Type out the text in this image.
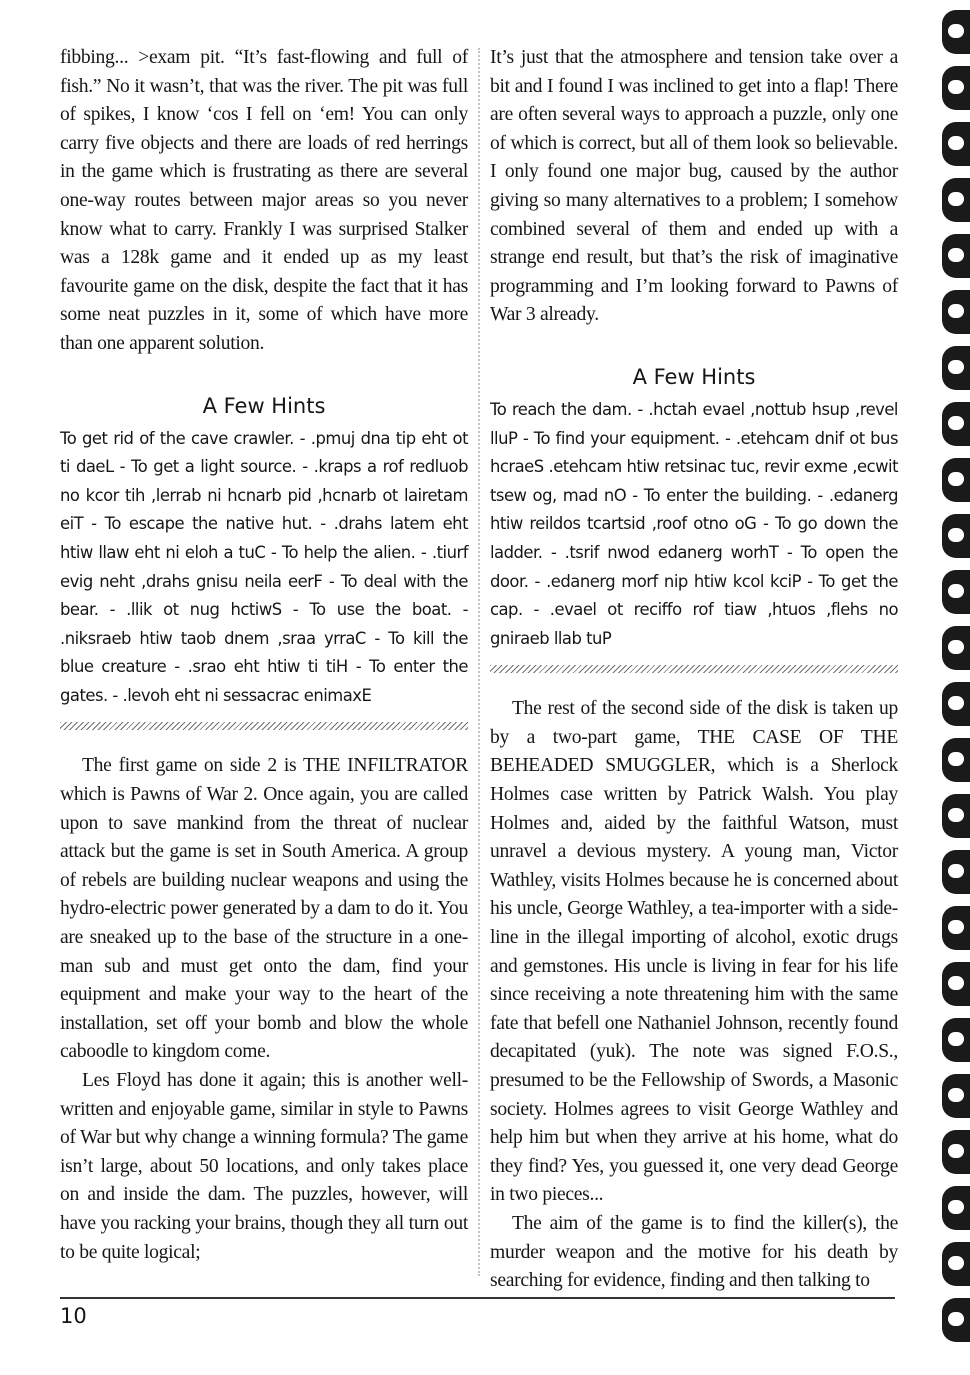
fibbing... >exam pit. “It’s fast-flowing and full of fish.” No it wasn’t, that was the river. The pit was full of spikes, I know ‘cos I fell on ‘em! You can only carry five objects and there are loads of red herrings in the game which is frustrating as there are several one-way routes between major areas so you never know what to carry. Frankly I was surprised Stalker was a 128k game and it ended up as my least favourite game on the disk, despite the fact that it has some neat puzzles in it, some of which have more than one apparent solution.

A Few Hints

To get rid of the cave crawler. - .pmuj dna tip eht ot ti daeL - To get a light source. - .kraps a rof redluob no kcor tih ,lerrab ni hcnarb pid ,hcnarb ot lairetam eiT - To escape the native hut. - .drahs latem eht htiw llaw eht ni eloh a tuC - To help the alien. - .tiurf evig neht ,drahs gnisu neila eerF - To deal with the bear. - .llik ot nug hctiwS - To use the boat. - .niksraeb htiw taob dnem ,sraa yrraC - To kill the blue creature - .srao eht htiw ti tiH - To enter the gates. - .levoh eht ni sessacrac enimaxE

The first game on side 2 is THE INFILTRATOR which is Pawns of War 2. Once again, you are called upon to save mankind from the threat of nuclear attack but the game is set in South America. A group of rebels are building nuclear weapons and using the hydro-electric power generated by a dam to do it. You are sneaked up to the base of the structure in a one-man sub and must get onto the dam, find your equipment and make your way to the heart of the installation, set off your bomb and blow the whole caboodle to kingdom come.

Les Floyd has done it again; this is another well-written and enjoyable game, similar in style to Pawns of War but why change a winning formula? The game isn’t large, about 50 locations, and only takes place on and inside the dam. The puzzles, however, will have you racking your brains, though they all turn out to be quite logical;

It’s just that the atmosphere and tension take over a bit and I found I was inclined to get into a flap! There are often several ways to approach a puzzle, only one of which is correct, but all of them look so believable. I only found one major bug, caused by the author giving so many alternatives to a problem; I somehow combined several of them and ended up with a strange end result, but that’s the risk of imaginative programming and I’m looking forward to Pawns of War 3 already.

A Few Hints

To reach the dam. - .hctah evael ,nottub hsup ,revel lluP - To find your equipment. - .etehcam dnif ot bus hcraeS .etehcam htiw retsinac tuc, revir exme ,ecwit tsew og, mad nO - To enter the building. - .edanerg htiw reildos tcartsid ,roof otno oG - To go down the ladder. - .tsrif nwod edanerg worhT - To open the door. - .edanerg morf nip htiw kcol kciP - To get the cap. - .evael ot reciffo rof tiaw ,htuos ,flehs no gniraeb llab tuP

The rest of the second side of the disk is taken up by a two-part game, THE CASE OF THE BEHEADED SMUGGLER, which is a Sherlock Holmes case written by Patrick Walsh. You play Holmes and, aided by the faithful Watson, must unravel a devious mystery. A young man, Victor Wathley, visits Holmes because he is concerned about his uncle, George Wathley, a tea-importer with a side-line in the illegal importing of alcohol, exotic drugs and gemstones. His uncle is living in fear for his life since receiving a note threatening him with the same fate that befell one Nathaniel Johnson, recently found decapitated (yuk). The note was signed F.O.S., presumed to be the Fellowship of Swords, a Masonic society. Holmes agrees to visit George Wathley and help him but when they arrive at his home, what do they find? Yes, you guessed it, one very dead George in two pieces...

The aim of the game is to find the killer(s), the murder weapon and the motive for his death by searching for evidence, finding and then talking to

10
